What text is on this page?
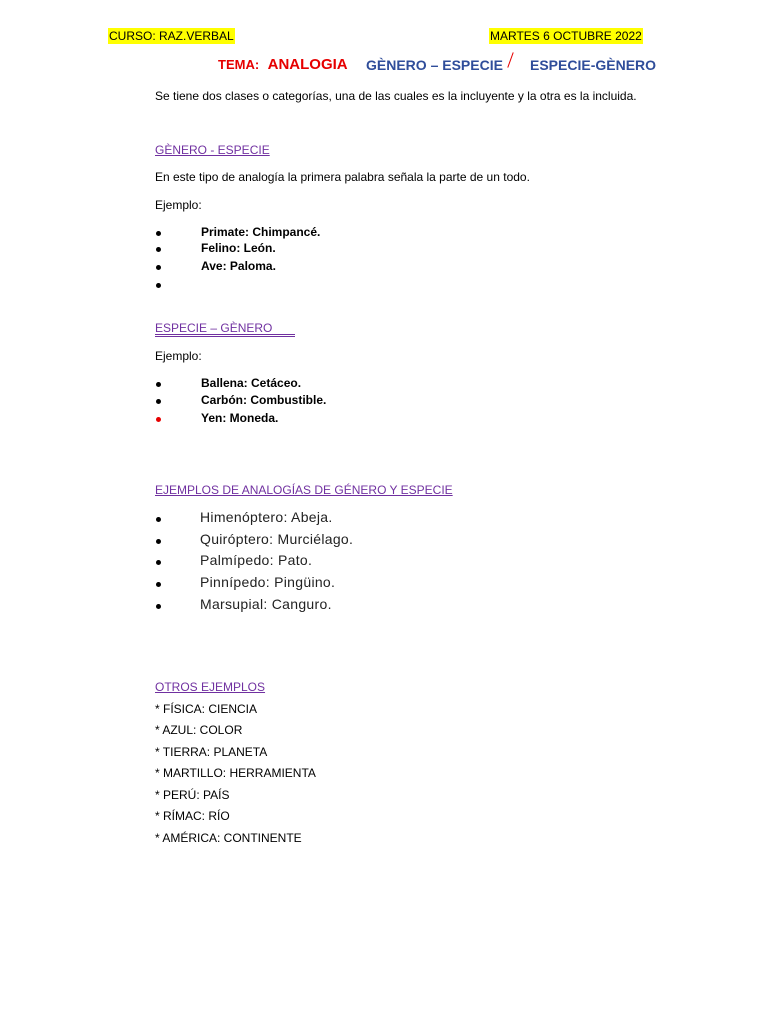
CURSO: RAZ.VERBAL	MARTES 6 OCTUBRE 2022
TEMA: ANALOGIA GÈNERO – ESPECIE ESPECIE-GÈNERO
Se tiene dos clases o categorías, una de las cuales es la incluyente y la otra es la incluida.
GÈNERO - ESPECIE
En este tipo de analogía la primera palabra señala la parte de un todo.
Ejemplo:
Primate: Chimpancé.
Felino: León.
Ave: Paloma.
ESPECIE – GÈNERO
Ejemplo:
Ballena: Cetáceo.
Carbón: Combustible.
Yen: Moneda.
EJEMPLOS DE ANALOGÍAS DE GÉNERO Y ESPECIE
Himenóptero: Abeja.
Quiróptero: Murciélago.
Palmípedo: Pato.
Pinnípedo: Pingüino.
Marsupial: Canguro.
OTROS EJEMPLOS
* FÍSICA: CIENCIA
* AZUL: COLOR
* TIERRA: PLANETA
* MARTILLO: HERRAMIENTA
* PERÚ: PAÍS
* RÍMAC: RÍO
* AMÉRICA: CONTINENTE
